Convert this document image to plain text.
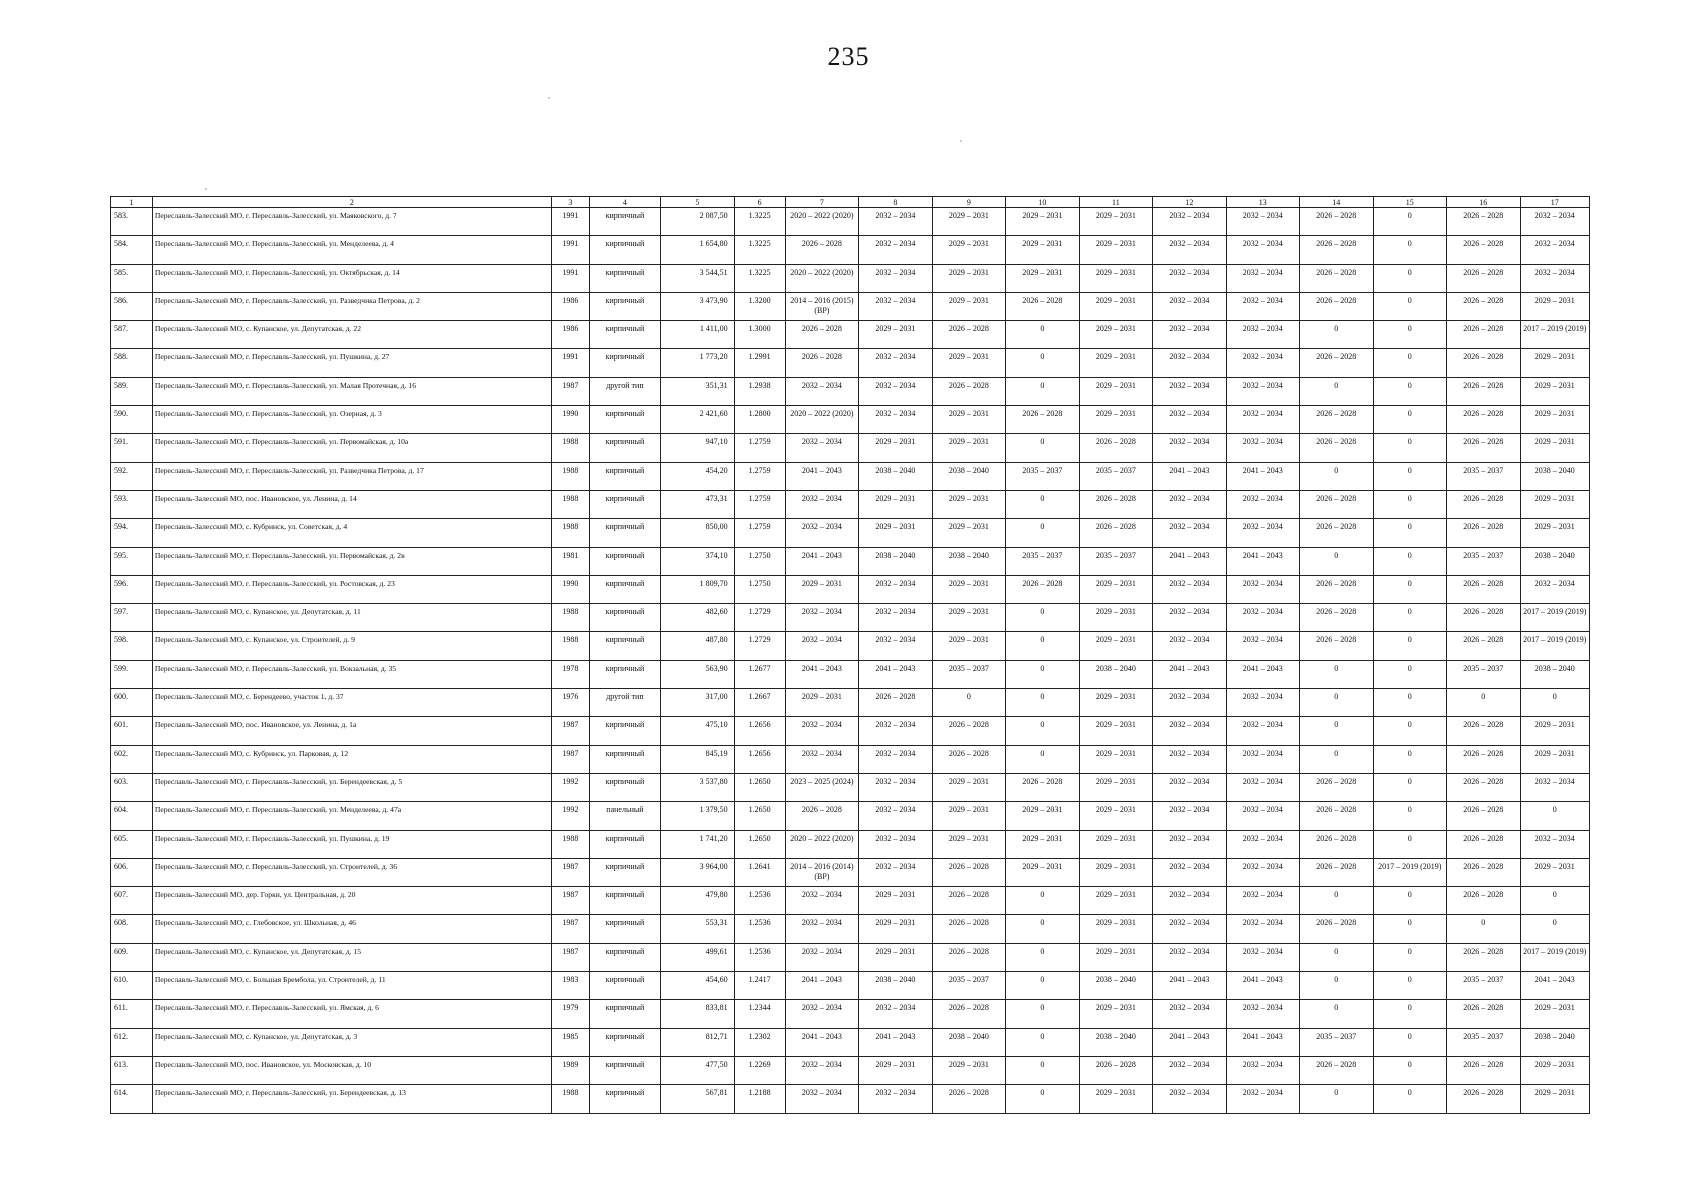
235
1	2	3	4	5	6	7	8	9	10	11	12	13	14	15	16	17
583.	Переславль-Залесский МО, г. Переславль-Залесский, ул. Маяковского, д. 7	1991	кирпичный	2 087,50	1.3225	2020 – 2022 (2020)	2032 – 2034	2029 – 2031	2029 – 2031	2029 – 2031	2032 – 2034	2032 – 2034	2026 – 2028	0	2026 – 2028	2032 – 2034
584.	Переславль-Залесский МО, г. Переславль-Залесский, ул. Менделеева, д. 4	1991	кирпичный	1 654,80	1.3225	2026 – 2028	2032 – 2034	2029 – 2031	2029 – 2031	2029 – 2031	2032 – 2034	2032 – 2034	2026 – 2028	0	2026 – 2028	2032 – 2034
585.	Переславль-Залесский МО, г. Переславль-Залесский, ул. Октябрьская, д. 14	1991	кирпичный	3 544,51	1.3225	2020 – 2022 (2020)	2032 – 2034	2029 – 2031	2029 – 2031	2029 – 2031	2032 – 2034	2032 – 2034	2026 – 2028	0	2026 – 2028	2032 – 2034
586.	Переславль-Залесский МО, г. Переславль-Залесский, ул. Разведчика Петрова, д. 2	1986	кирпичный	3 473,90	1.3200	2014 – 2016 (2015) (ВР)	2032 – 2034	2029 – 2031	2026 – 2028	2029 – 2031	2032 – 2034	2032 – 2034	2026 – 2028	0	2026 – 2028	2029 – 2031
587.	Переславль-Залесский МО, с. Купанское, ул. Депутатская, д. 22	1986	кирпичный	1 411,00	1.3000	2026 – 2028	2029 – 2031	2026 – 2028	0	2029 – 2031	2032 – 2034	2032 – 2034	0	0	2026 – 2028	2017 – 2019 (2019)
588.	Переславль-Залесский МО, г. Переславль-Залесский, ул. Пушкина, д. 27	1991	кирпичный	1 773,20	1.2991	2026 – 2028	2032 – 2034	2029 – 2031	0	2029 – 2031	2032 – 2034	2032 – 2034	2026 – 2028	0	2026 – 2028	2029 – 2031
589.	Переславль-Залесский МО, г. Переславль-Залесский, ул. Малая Протечная, д. 16	1987	другой тип	351,31	1.2938	2032 – 2034	2032 – 2034	2026 – 2028	0	2029 – 2031	2032 – 2034	2032 – 2034	0	0	2026 – 2028	2029 – 2031
590.	Переславль-Залесский МО, г. Переславль-Залесский, ул. Озерная, д. 3	1990	кирпичный	2 421,60	1.2800	2020 – 2022 (2020)	2032 – 2034	2029 – 2031	2026 – 2028	2029 – 2031	2032 – 2034	2032 – 2034	2026 – 2028	0	2026 – 2028	2029 – 2031
591.	Переславль-Залесский МО, г. Переславль-Залесский, ул. Первомайская, д. 10а	1988	кирпичный	947,10	1.2759	2032 – 2034	2029 – 2031	2029 – 2031	0	2026 – 2028	2032 – 2034	2032 – 2034	2026 – 2028	0	2026 – 2028	2029 – 2031
592.	Переславль-Залесский МО, г. Переславль-Залесский, ул. Разведчика Петрова, д. 17	1988	кирпичный	454,20	1.2759	2041 – 2043	2038 – 2040	2038 – 2040	2035 – 2037	2035 – 2037	2041 – 2043	2041 – 2043	0	0	2035 – 2037	2038 – 2040
593.	Переславль-Залесский МО, пос. Ивановское, ул. Ленина, д. 14	1988	кирпичный	473,31	1.2759	2032 – 2034	2029 – 2031	2029 – 2031	0	2026 – 2028	2032 – 2034	2032 – 2034	2026 – 2028	0	2026 – 2028	2029 – 2031
594.	Переславль-Залесский МО, с. Кубринск, ул. Советская, д. 4	1988	кирпичный	850,00	1.2759	2032 – 2034	2029 – 2031	2029 – 2031	0	2026 – 2028	2032 – 2034	2032 – 2034	2026 – 2028	0	2026 – 2028	2029 – 2031
595.	Переславль-Залесский МО, г. Переславль-Залесский, ул. Первомайская, д. 2в	1981	кирпичный	374,10	1.2750	2041 – 2043	2038 – 2040	2038 – 2040	2035 – 2037	2035 – 2037	2041 – 2043	2041 – 2043	0	0	2035 – 2037	2038 – 2040
596.	Переславль-Залесский МО, г. Переславль-Залесский, ул. Ростовская, д. 23	1990	кирпичный	1 809,70	1.2750	2029 – 2031	2032 – 2034	2029 – 2031	2026 – 2028	2029 – 2031	2032 – 2034	2032 – 2034	2026 – 2028	0	2026 – 2028	2032 – 2034
597.	Переславль-Залесский МО, с. Купанское, ул. Депутатская, д. 11	1988	кирпичный	482,60	1.2729	2032 – 2034	2032 – 2034	2029 – 2031	0	2029 – 2031	2032 – 2034	2032 – 2034	2026 – 2028	0	2026 – 2028	2017 – 2019 (2019)
598.	Переславль-Залесский МО, с. Купанское, ул. Строителей, д. 9	1988	кирпичный	487,80	1.2729	2032 – 2034	2032 – 2034	2029 – 2031	0	2029 – 2031	2032 – 2034	2032 – 2034	2026 – 2028	0	2026 – 2028	2017 – 2019 (2019)
599.	Переславль-Залесский МО, г. Переславль-Залесский, ул. Вокзальная, д. 35	1978	кирпичный	563,90	1.2677	2041 – 2043	2041 – 2043	2035 – 2037	0	2038 – 2040	2041 – 2043	2041 – 2043	0	0	2035 – 2037	2038 – 2040
600.	Переславль-Залесский МО, с. Берендеево, участок 1, д. 37	1976	другой тип	317,00	1.2667	2029 – 2031	2026 – 2028	0	0	2029 – 2031	2032 – 2034	2032 – 2034	0	0	0	0
601.	Переславль-Залесский МО, пос. Ивановское, ул. Ленина, д. 1а	1987	кирпичный	475,10	1.2656	2032 – 2034	2032 – 2034	2026 – 2028	0	2029 – 2031	2032 – 2034	2032 – 2034	0	0	2026 – 2028	2029 – 2031
602.	Переславль-Залесский МО, с. Кубринск, ул. Парковая, д. 12	1987	кирпичный	845,19	1.2656	2032 – 2034	2032 – 2034	2026 – 2028	0	2029 – 2031	2032 – 2034	2032 – 2034	0	0	2026 – 2028	2029 – 2031
603.	Переславль-Залесский МО, г. Переславль-Залесский, ул. Берендеевская, д. 5	1992	кирпичный	3 537,80	1.2650	2023 – 2025 (2024)	2032 – 2034	2029 – 2031	2026 – 2028	2029 – 2031	2032 – 2034	2032 – 2034	2026 – 2028	0	2026 – 2028	2032 – 2034
604.	Переславль-Залесский МО, г. Переславль-Залесский, ул. Менделеева, д. 47а	1992	панельный	1 379,50	1.2650	2026 – 2028	2032 – 2034	2029 – 2031	2029 – 2031	2029 – 2031	2032 – 2034	2032 – 2034	2026 – 2028	0	2026 – 2028	0
605.	Переславль-Залесский МО, г. Переславль-Залесский, ул. Пушкина, д. 19	1988	кирпичный	1 741,20	1.2650	2020 – 2022 (2020)	2032 – 2034	2029 – 2031	2029 – 2031	2029 – 2031	2032 – 2034	2032 – 2034	2026 – 2028	0	2026 – 2028	2032 – 2034
606.	Переславль-Залесский МО, г. Переславль-Залесский, ул. Строителей, д. 36	1987	кирпичный	3 964,00	1.2641	2014 – 2016 (2014) (ВР)	2032 – 2034	2026 – 2028	2029 – 2031	2029 – 2031	2032 – 2034	2032 – 2034	2026 – 2028	2017 – 2019 (2019)	2026 – 2028	2029 – 2031
607.	Переславль-Залесский МО, дер. Горки, ул. Центральная, д. 20	1987	кирпичный	479,80	1.2536	2032 – 2034	2029 – 2031	2026 – 2028	0	2029 – 2031	2032 – 2034	2032 – 2034	0	0	2026 – 2028	0
608.	Переславль-Залесский МО, с. Глебовское, ул. Школьная, д. 46	1987	кирпичный	553,31	1.2536	2032 – 2034	2029 – 2031	2026 – 2028	0	2029 – 2031	2032 – 2034	2032 – 2034	2026 – 2028	0	0	0
609.	Переславль-Залесский МО, с. Купанское, ул. Депутатская, д. 15	1987	кирпичный	499,61	1.2536	2032 – 2034	2029 – 2031	2026 – 2028	0	2029 – 2031	2032 – 2034	2032 – 2034	0	0	2026 – 2028	2017 – 2019 (2019)
610.	Переславль-Залесский МО, с. Большая Брембола, ул. Строителей, д. 11	1983	кирпичный	454,60	1.2417	2041 – 2043	2038 – 2040	2035 – 2037	0	2038 – 2040	2041 – 2043	2041 – 2043	0	0	2035 – 2037	2041 – 2043
611.	Переславль-Залесский МО, г. Переславль-Залесский, ул. Ямская, д. 6	1979	кирпичный	833,81	1.2344	2032 – 2034	2032 – 2034	2026 – 2028	0	2029 – 2031	2032 – 2034	2032 – 2034	0	0	2026 – 2028	2029 – 2031
612.	Переславль-Залесский МО, с. Купанское, ул. Депутатская, д. 3	1985	кирпичный	812,71	1.2302	2041 – 2043	2041 – 2043	2038 – 2040	0	2038 – 2040	2041 – 2043	2041 – 2043	2035 – 2037	0	2035 – 2037	2038 – 2040
613.	Переславль-Залесский МО, пос. Ивановское, ул. Московская, д. 10	1989	кирпичный	477,50	1.2269	2032 – 2034	2029 – 2031	2029 – 2031	0	2026 – 2028	2032 – 2034	2032 – 2034	2026 – 2028	0	2026 – 2028	2029 – 2031
614.	Переславль-Залесский МО, г. Переславль-Залесский, ул. Берендеевская, д. 13	1988	кирпичный	567,81	1.2188	2032 – 2034	2032 – 2034	2026 – 2028	0	2029 – 2031	2032 – 2034	2032 – 2034	0	0	2026 – 2028	2029 – 2031
